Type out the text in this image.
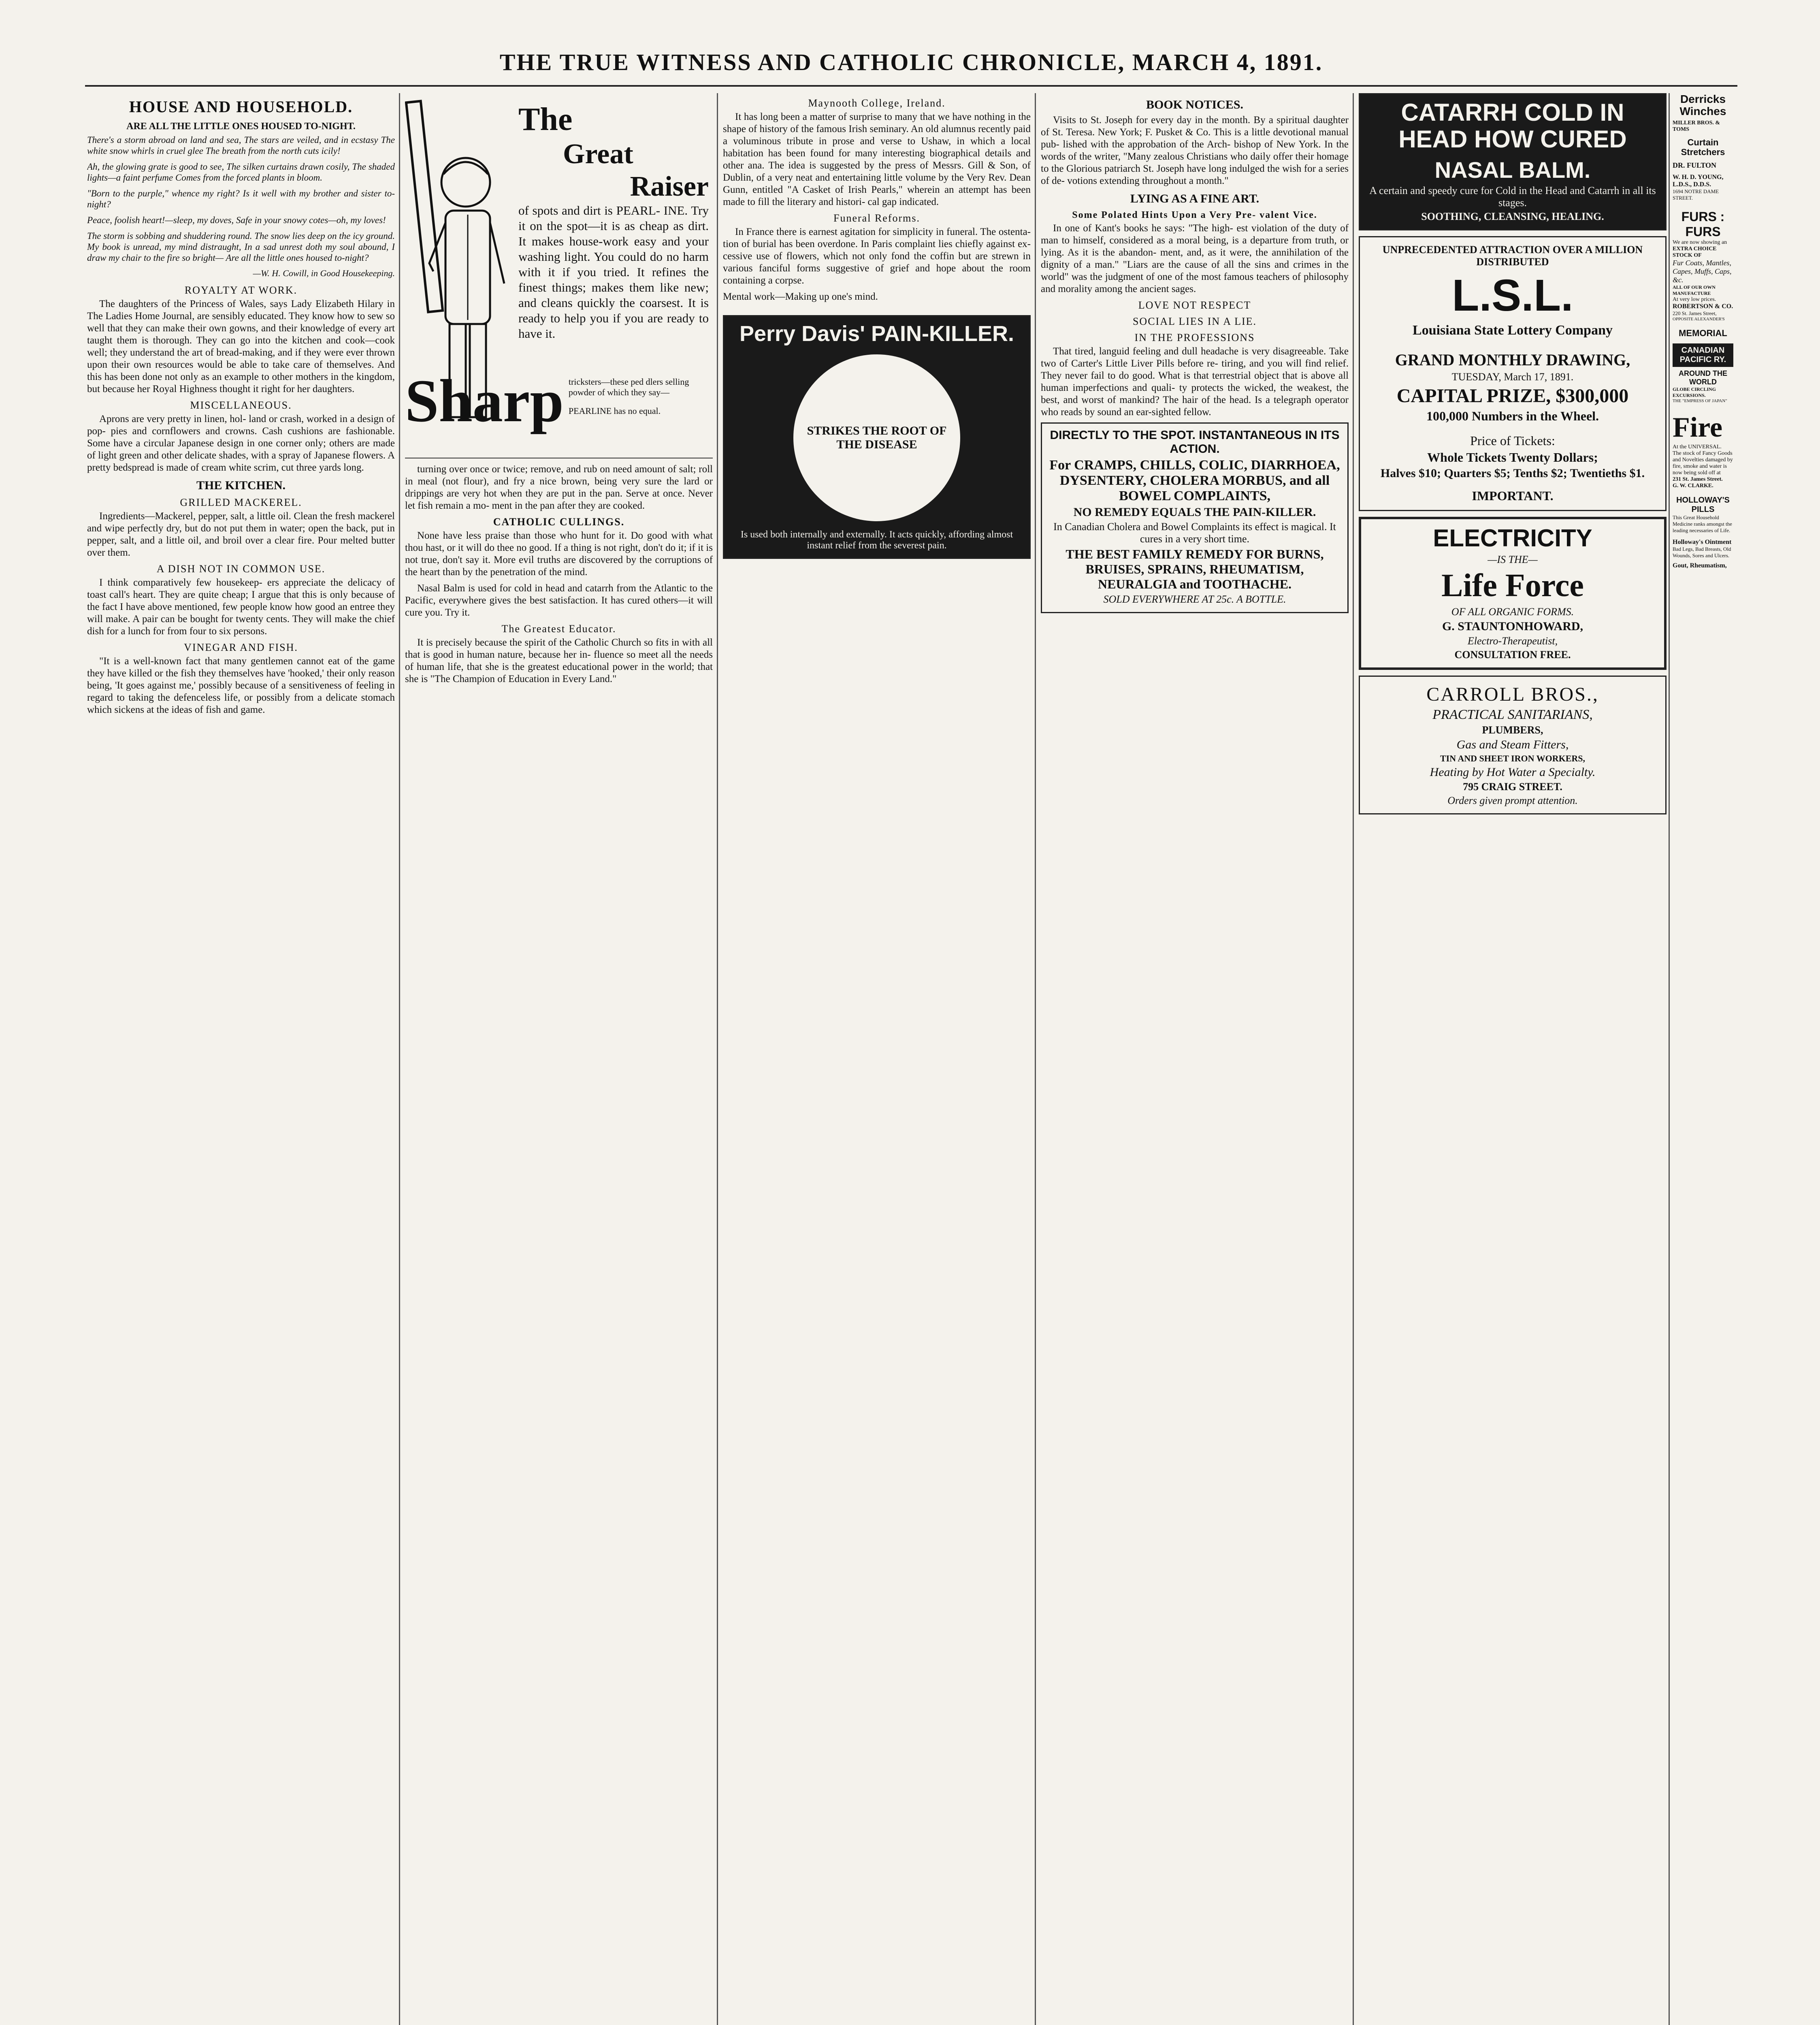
THE TRUE WITNESS AND CATHOLIC CHRONICLE, MARCH 4, 1891.
HOUSE AND HOUSEHOLD.
ARE ALL THE LITTLE ONES HOUSED TO-NIGHT.

There's a storm abroad on land and sea, The stars are veiled, and in ecstasy The white snow whirls in cruel glee The breath from the north cuts icily!

Ah, the glowing grate is good to see, The silken curtains drawn cosily, The shaded lights—a faint perfume Comes from the forced plants in bloom.

"Born to the purple," whence my right? Is it well with my brother and sister to-night?

Peace, foolish heart!—sleep, my doves, Safe in your snowy cotes—oh, my loves!

The storm is sobbing and shuddering round. The snow lies deep on the icy ground. My book is unread, my mind distraught, In a sad unrest doth my soul abound, I draw my chair to the fire so bright— Are all the little ones housed to-night?

—W. H. Cowill, in Good Housekeeping.
ROYALTY AT WORK.

The daughters of the Princess of Wales, says Lady Elizabeth Hilary in The Ladies Home Journal, are sensibly educated. They know how to sew so well that they can make their own gowns, and their knowledge of every art taught them is thorough. They can go into the kitchen and cook—cook well; they understand the art of bread-making, and if they were ever thrown upon their own resources would be able to take care of themselves. And this has been done not only as an example to other mothers in the kingdom, but because her Royal Highness thought it right for her daughters.

MISCELLANEOUS.

Aprons are very pretty in linen, hol- land or crash, worked in a design of pop- pies and cornflowers and crowns. Cash cushions are fashionable. Some have a circular Japanese design in one corner only; others are made of light green and other delicate shades, with a spray of Japanese flowers. A pretty bedspread is made of cream white scrim, cut three yards long.

THE KITCHEN.
GRILLED MACKEREL.

Ingredients—Mackerel, pepper, salt, a little oil. Clean the fresh mackerel and wipe perfectly dry, but do not put them in water; open the back, put in pepper, salt, and a little oil, and broil over a clear fire. Pour melted butter over them.

A DISH NOT IN COMMON USE.

I think comparatively few housekeep- ers appreciate the delicacy of toast call's heart. They are quite cheap; I argue that this is only because of the fact I have above mentioned, few people know how good an entree they will make. A pair can be bought for twenty cents. They will make the chief dish for a lunch for from four to six persons.

VINEGAR AND FISH.

"It is a well-known fact that many gentlemen cannot eat of the game they have killed or the fish they themselves have 'hooked,' their only reason being, 'It goes against me,' possibly because of a sensitiveness of feeling in regard to taking the defenceless life, or possibly from a delicate stomach which sickens at the ideas of fish and game.

The
Great
Raiser

of spots and dirt is PEARL- INE. Try it on the spot—it is as cheap as dirt. It makes house-work easy and your washing light. You could do no harm with it if you tried. It refines the finest things; makes them like new; and cleans quickly the coarsest. It is ready to help you if you are ready to have it.

Sharp tricksters—these ped dlers selling powder of which they say—
PEARLINE has no equal.

turning over once or twice; remove, and rub on need amount of salt; roll in meal (not flour), and fry a nice brown, being very sure the lard or drippings are very hot when they are put in the pan. Serve at once. Never let fish remain a mo- ment in the pan after they are cooked.

CATHOLIC CULLINGS.

None have less praise than those who hunt for it. Do good with what thou hast, or it will do thee no good. If a thing is not right, don't do it; if it is not true, don't say it. More evil truths are discovered by the corruptions of the heart than by the penetration of the mind.

Nasal Balm is used for cold in head and catarrh from the Atlantic to the Pacific, everywhere gives the best satisfaction. It has cured others—it will cure you. Try it.

The Greatest Educator.

It is precisely because the spirit of the Catholic Church so fits in with all that is good in human nature, because her in- fluence so meet all the needs of human life, that she is the greatest educational power in the world; that she is "The Champion of Education in Every Land."

Maynooth College, Ireland.

It has long been a matter of surprise to many that we have nothing in the shape of history of the famous Irish seminary. An old alumnus recently paid a voluminous tribute in prose and verse to Ushaw, in which a local habitation has been found for many interesting biographical details and other ana. The idea is suggested by the press of Messrs. Gill & Son, of Dublin, of a very neat and entertaining little volume by the Very Rev. Dean Gunn, entitled "A Casket of Irish Pearls," wherein an attempt has been made to fill the literary and histori- cal gap indicated.

Funeral Reforms.

In France there is earnest agitation for simplicity in funeral. The ostenta- tion of burial has been overdone. In Paris complaint lies chiefly against ex- cessive use of flowers, which not only fond the coffin but are strewn in various fanciful forms suggestive of grief and hope about the room containing a corpse.

Mental work—Making up one's mind.

Perry Davis' PAIN-KILLER.
STRIKES THE ROOT OF THE DISEASE
Is used both internally and externally. It acts quickly, affording almost instant relief from the severest pain.
BOOK NOTICES.

Visits to St. Joseph for every day in the month. By a spiritual daughter of St. Teresa. New York; F. Pusket & Co. This is a little devotional manual pub- lished with the approbation of the Arch- bishop of New York. In the words of the writer, "Many zealous Christians who daily offer their homage to the Glorious patriarch St. Joseph have long indulged the wish for a series of de- votions extending throughout a month."

LYING AS A FINE ART.
Some Polated Hints Upon a Very Pre- valent Vice.

In one of Kant's books he says: "The high- est violation of the duty of man to himself, considered as a moral being, is a departure from truth, or lying. As it is the abandon- ment, and, as it were, the annihilation of the dignity of a man." "Liars are the cause of all the sins and crimes in the world" was the judgment of one of the most famous teachers of philosophy and morality among the ancient sages.

LOVE NOT RESPECT
SOCIAL LIES IN A LIE.
IN THE PROFESSIONS

That tired, languid feeling and dull headache is very disagreeable. Take two of Carter's Little Liver Pills before re- tiring, and you will find relief. They never fail to do good. What is that terrestrial object that is above all human imperfections and quali- ty protects the wicked, the weakest, the best, and worst of mankind? The hair of the head. Is a telegraph operator who reads by sound an ear-sighted fellow.

DIRECTLY TO THE SPOT. INSTANTANEOUS IN ITS ACTION.
For CRAMPS, CHILLS, COLIC, DIARRHOEA, DYSENTERY, CHOLERA MORBUS, and all BOWEL COMPLAINTS,
NO REMEDY EQUALS THE PAIN-KILLER.
In Canadian Cholera and Bowel Complaints its effect is magical. It cures in a very short time.
THE BEST FAMILY REMEDY FOR BURNS, BRUISES, SPRAINS, RHEUMATISM, NEURALGIA and TOOTHACHE.
SOLD EVERYWHERE AT 25c. A BOTTLE.
CATARRH COLD IN HEAD HOW CURED
NASAL BALM.
A certain and speedy cure for Cold in the Head and Catarrh in all its stages.
SOOTHING, CLEANSING, HEALING.
UNPRECEDENTED ATTRACTION OVER A MILLION DISTRIBUTED
L.S.L.
Louisiana State Lottery Company
GRAND MONTHLY DRAWING,
TUESDAY, March 17, 1891.
CAPITAL PRIZE, $300,000
100,000 Numbers in the Wheel.
Price of Tickets:
Whole Tickets Twenty Dollars;
Halves $10; Quarters $5; Tenths $2; Twentieths $1.
IMPORTANT.
ELECTRICITY
—IS THE—
Life Force
OF ALL ORGANIC FORMS.
G. STAUNTONHOWARD,
Electro-Therapeutist,
CONSULTATION FREE.
CARROLL BROS.,
PRACTICAL SANITARIANS,
PLUMBERS,
Gas and Steam Fitters,
TIN AND SHEET IRON WORKERS,
Heating by Hot Water a Specialty.
795 CRAIG STREET.
Orders given prompt attention.
Derricks Winches
MILLER BROS. & TOMS
Curtain Stretchers
DR. FULTON
W. H. D. YOUNG, L.D.S., D.D.S.
1694 NOTRE DAME STREET.
FURS : FURS
We are now showing an
EXTRA CHOICE STOCK OF
Fur Coats, Mantles, Capes, Muffs, Caps, &c.
ALL OF OUR OWN MANUFACTURE
At very low prices.
ROBERTSON & CO.
220 St. James Street,
OPPOSITE ALEXANDER'S
MEMORIAL
CANADIAN PACIFIC RY.
AROUND THE WORLD
GLOBE CIRCLING EXCURSIONS.
THE "EMPRESS OF JAPAN"
Fire
At the UNIVERSAL.
The stock of Fancy Goods and Novelties damaged by fire, smoke and water is now being sold off at
231 St. James Street.
G. W. CLARKE.
HOLLOWAY'S PILLS
This Great Household Medicine ranks amongst the leading necessaries of Life.
Holloway's Ointment
Bad Legs, Bad Breasts, Old Wounds, Sores and Ulcers.
Gout, Rheumatism,
